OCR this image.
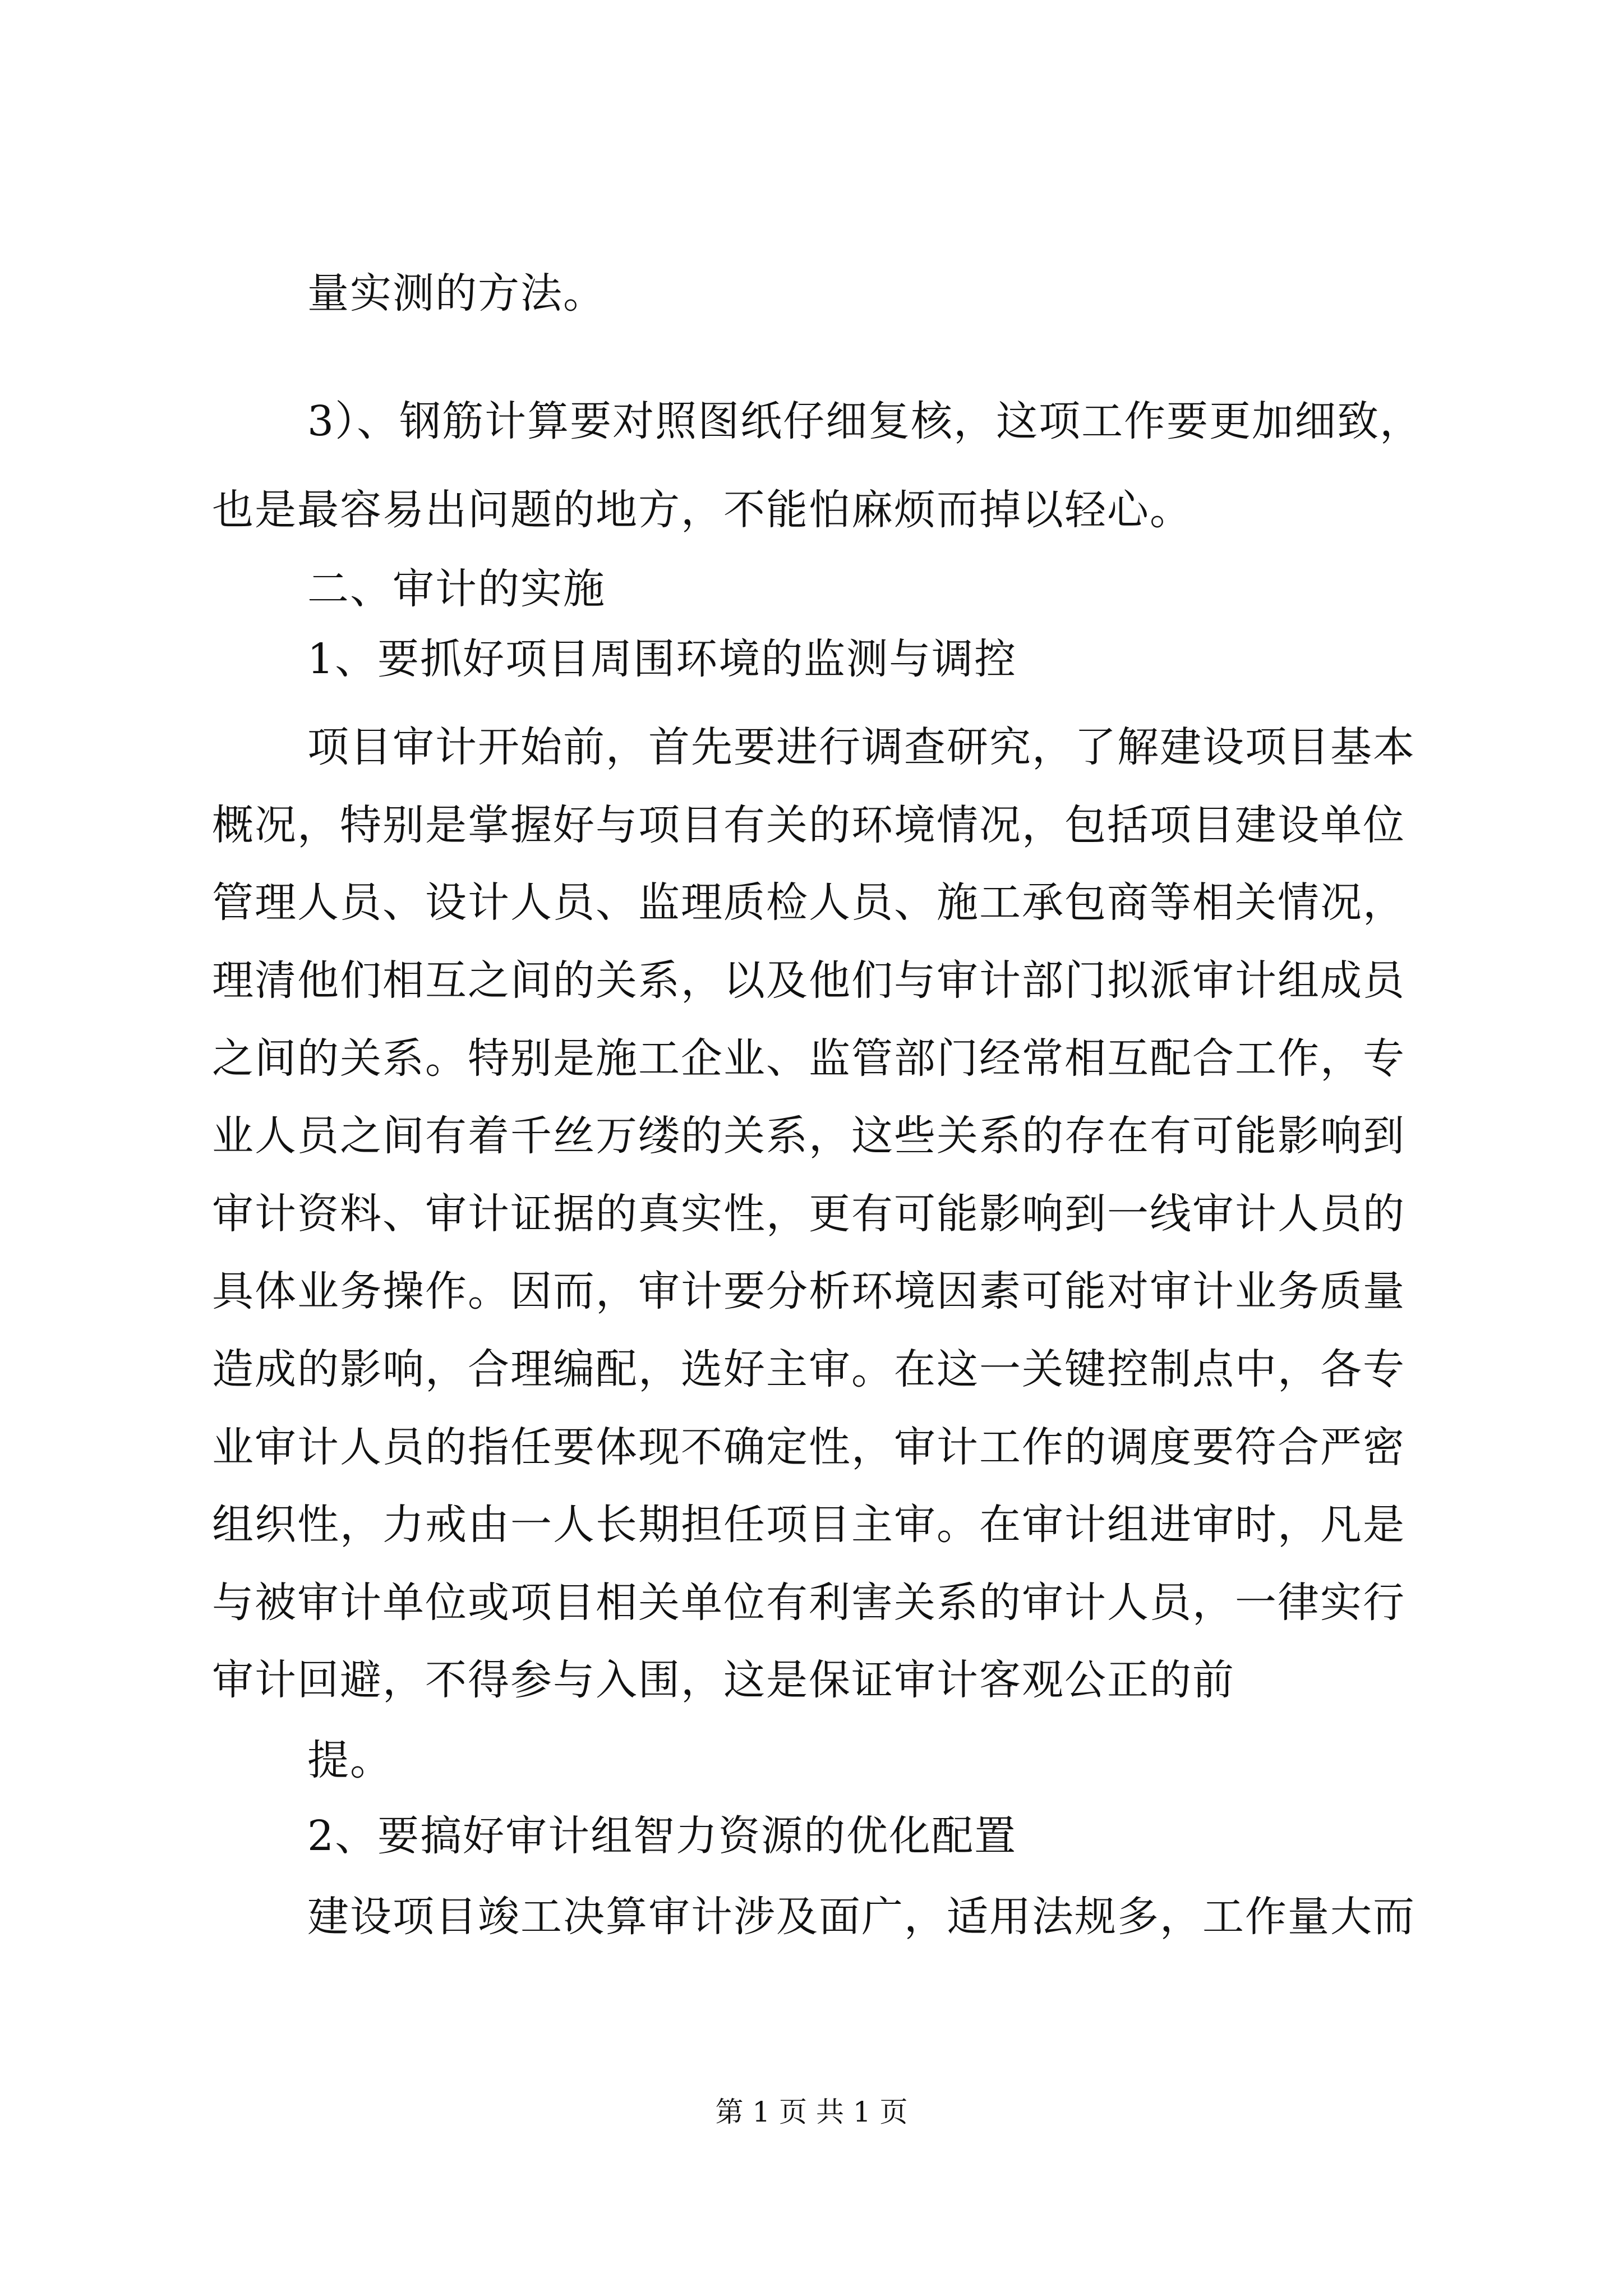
量实测的方法。
3）、钢筋计算要对照图纸仔细复核，这项工作要更加细致，
也是最容易出问题的地方，不能怕麻烦而掉以轻心。
二、审计的实施
1、要抓好项目周围环境的监测与调控
项目审计开始前，首先要进行调查研究，了解建设项目基本
概况，特别是掌握好与项目有关的环境情况，包括项目建设单位
管理人员、设计人员、监理质检人员、施工承包商等相关情况，
理清他们相互之间的关系，以及他们与审计部门拟派审计组成员
之间的关系。特别是施工企业、监管部门经常相互配合工作，专
业人员之间有着千丝万缕的关系，这些关系的存在有可能影响到
审计资料、审计证据的真实性，更有可能影响到一线审计人员的
具体业务操作。因而，审计要分析环境因素可能对审计业务质量
造成的影响，合理编配，选好主审。在这一关键控制点中，各专
业审计人员的指任要体现不确定性，审计工作的调度要符合严密
组织性，力戒由一人长期担任项目主审。在审计组进审时，凡是
与被审计单位或项目相关单位有利害关系的审计人员，一律实行
审计回避，不得参与入围，这是保证审计客观公正的前
提。
2、要搞好审计组智力资源的优化配置
建设项目竣工决算审计涉及面广，适用法规多，工作量大而
第 1 页 共 1 页
